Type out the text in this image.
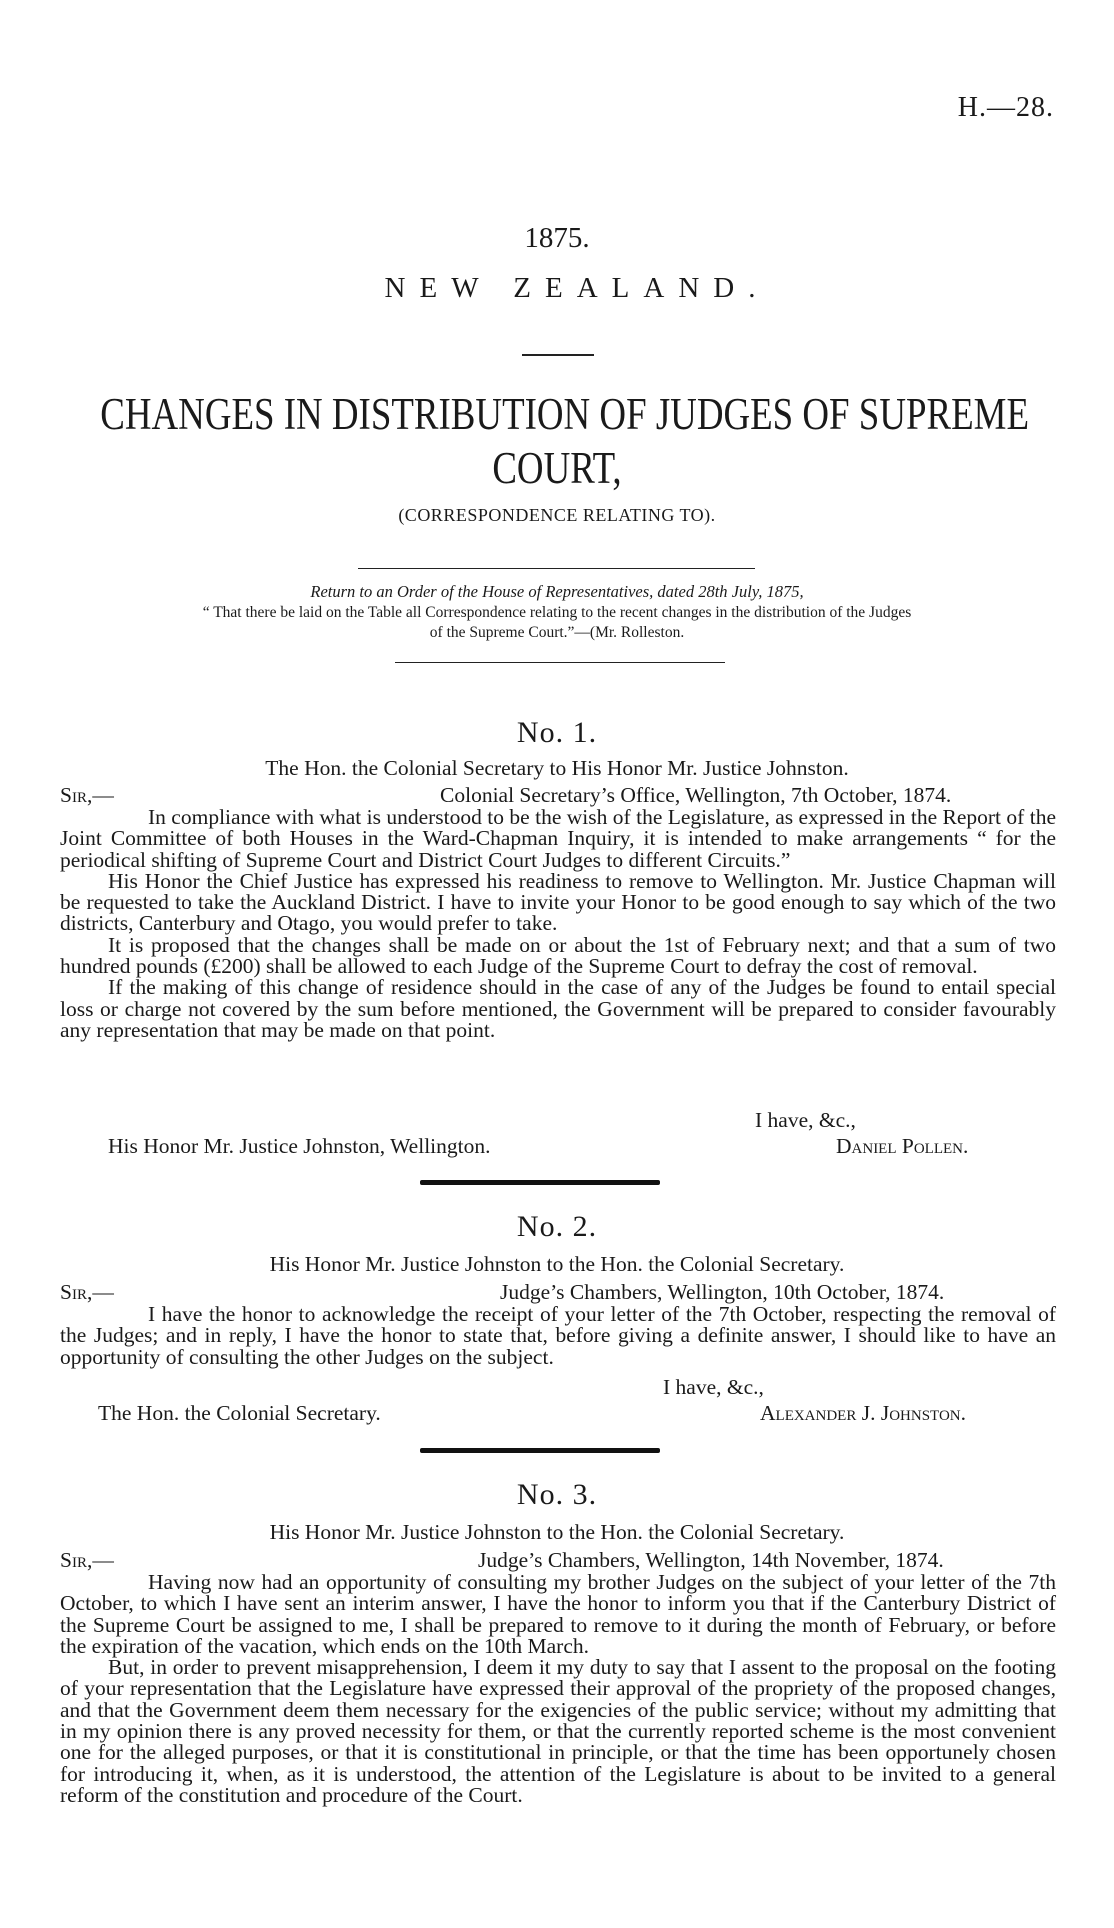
H.—28.
1875.
NEW ZEALAND.
CHANGES IN DISTRIBUTION OF JUDGES OF SUPREME
COURT,
(CORRESPONDENCE RELATING TO).
Return to an Order of the House of Representatives, dated 28th July, 1875,
“ That there be laid on the Table all Correspondence relating to the recent changes in the distribution of the Judges
of the Supreme Court.”—(Mr. Rolleston.
No. 1.
The Hon. the Colonial Secretary to His Honor Mr. Justice Johnston.
Sir,—	Colonial Secretary’s Office, Wellington, 7th October, 1874.

In compliance with what is understood to be the wish of the Legislature, as expressed in the Report of the Joint Committee of both Houses in the Ward-Chapman Inquiry, it is intended to make arrangements “ for the periodical shifting of Supreme Court and District Court Judges to different Circuits.”

His Honor the Chief Justice has expressed his readiness to remove to Wellington. Mr. Justice Chapman will be requested to take the Auckland District. I have to invite your Honor to be good enough to say which of the two districts, Canterbury and Otago, you would prefer to take.

It is proposed that the changes shall be made on or about the 1st of February next; and that a sum of two hundred pounds (£200) shall be allowed to each Judge of the Supreme Court to defray the cost of removal.

If the making of this change of residence should in the case of any of the Judges be found to entail special loss or charge not covered by the sum before mentioned, the Government will be prepared to consider favourably any representation that may be made on that point.

I have, &c.,
His Honor Mr. Justice Johnston, Wellington.	Daniel Pollen.
No. 2.
His Honor Mr. Justice Johnston to the Hon. the Colonial Secretary.
Sir,—	Judge’s Chambers, Wellington, 10th October, 1874.

I have the honor to acknowledge the receipt of your letter of the 7th October, respecting the removal of the Judges; and in reply, I have the honor to state that, before giving a definite answer, I should like to have an opportunity of consulting the other Judges on the subject.

I have, &c.,
The Hon. the Colonial Secretary.	Alexander J. Johnston.
No. 3.
His Honor Mr. Justice Johnston to the Hon. the Colonial Secretary.
Sir,—	Judge’s Chambers, Wellington, 14th November, 1874.

Having now had an opportunity of consulting my brother Judges on the subject of your letter of the 7th October, to which I have sent an interim answer, I have the honor to inform you that if the Canterbury District of the Supreme Court be assigned to me, I shall be prepared to remove to it during the month of February, or before the expiration of the vacation, which ends on the 10th March.

But, in order to prevent misapprehension, I deem it my duty to say that I assent to the proposal on the footing of your representation that the Legislature have expressed their approval of the propriety of the proposed changes, and that the Government deem them necessary for the exigencies of the public service; without my admitting that in my opinion there is any proved necessity for them, or that the currently reported scheme is the most convenient one for the alleged purposes, or that it is constitutional in principle, or that the time has been opportunely chosen for introducing it, when, as it is understood, the attention of the Legislature is about to be invited to a general reform of the constitution and procedure of the Court.
